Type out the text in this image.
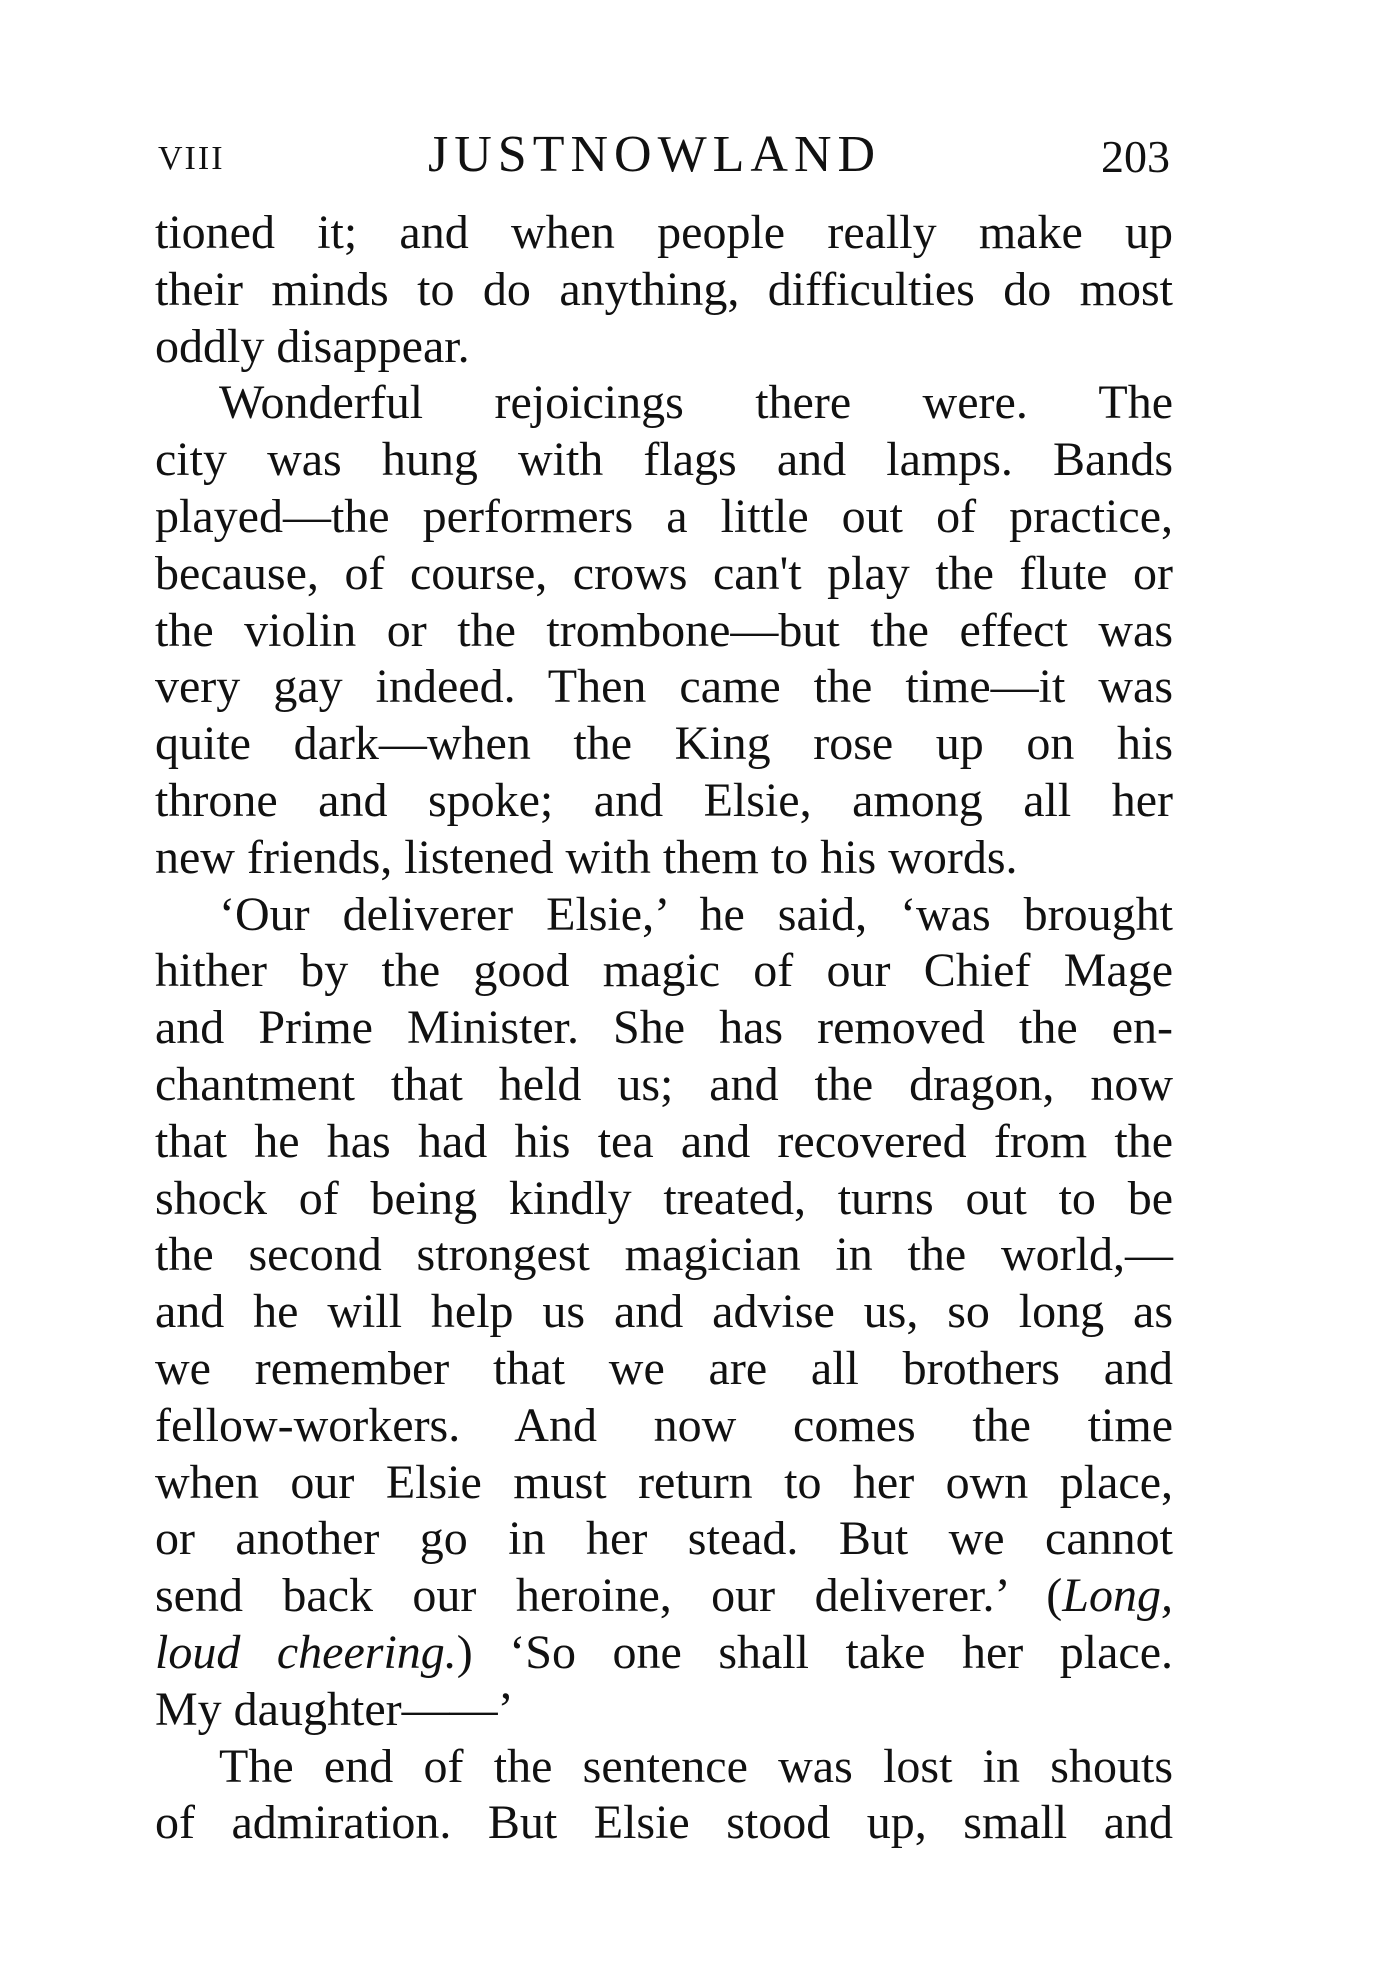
VIII	JUSTNOWLAND	203
tioned it; and when people really make up
their minds to do anything, difficulties do most
oddly disappear.
Wonderful rejoicings there were. The
city was hung with flags and lamps. Bands
played—the performers a little out of practice,
because, of course, crows can't play the flute or
the violin or the trombone—but the effect was
very gay indeed. Then came the time—it was
quite dark—when the King rose up on his
throne and spoke; and Elsie, among all her
new friends, listened with them to his words.
‘Our deliverer Elsie,’ he said, ‘was brought
hither by the good magic of our Chief Mage
and Prime Minister. She has removed the en-
chantment that held us; and the dragon, now
that he has had his tea and recovered from the
shock of being kindly treated, turns out to be
the second strongest magician in the world,—
and he will help us and advise us, so long as
we remember that we are all brothers and
fellow-workers. And now comes the time
when our Elsie must return to her own place,
or another go in her stead. But we cannot
send back our heroine, our deliverer.’ (Long,
loud cheering.) ‘So one shall take her place.
My daughter——’
The end of the sentence was lost in shouts
of admiration. But Elsie stood up, small and
